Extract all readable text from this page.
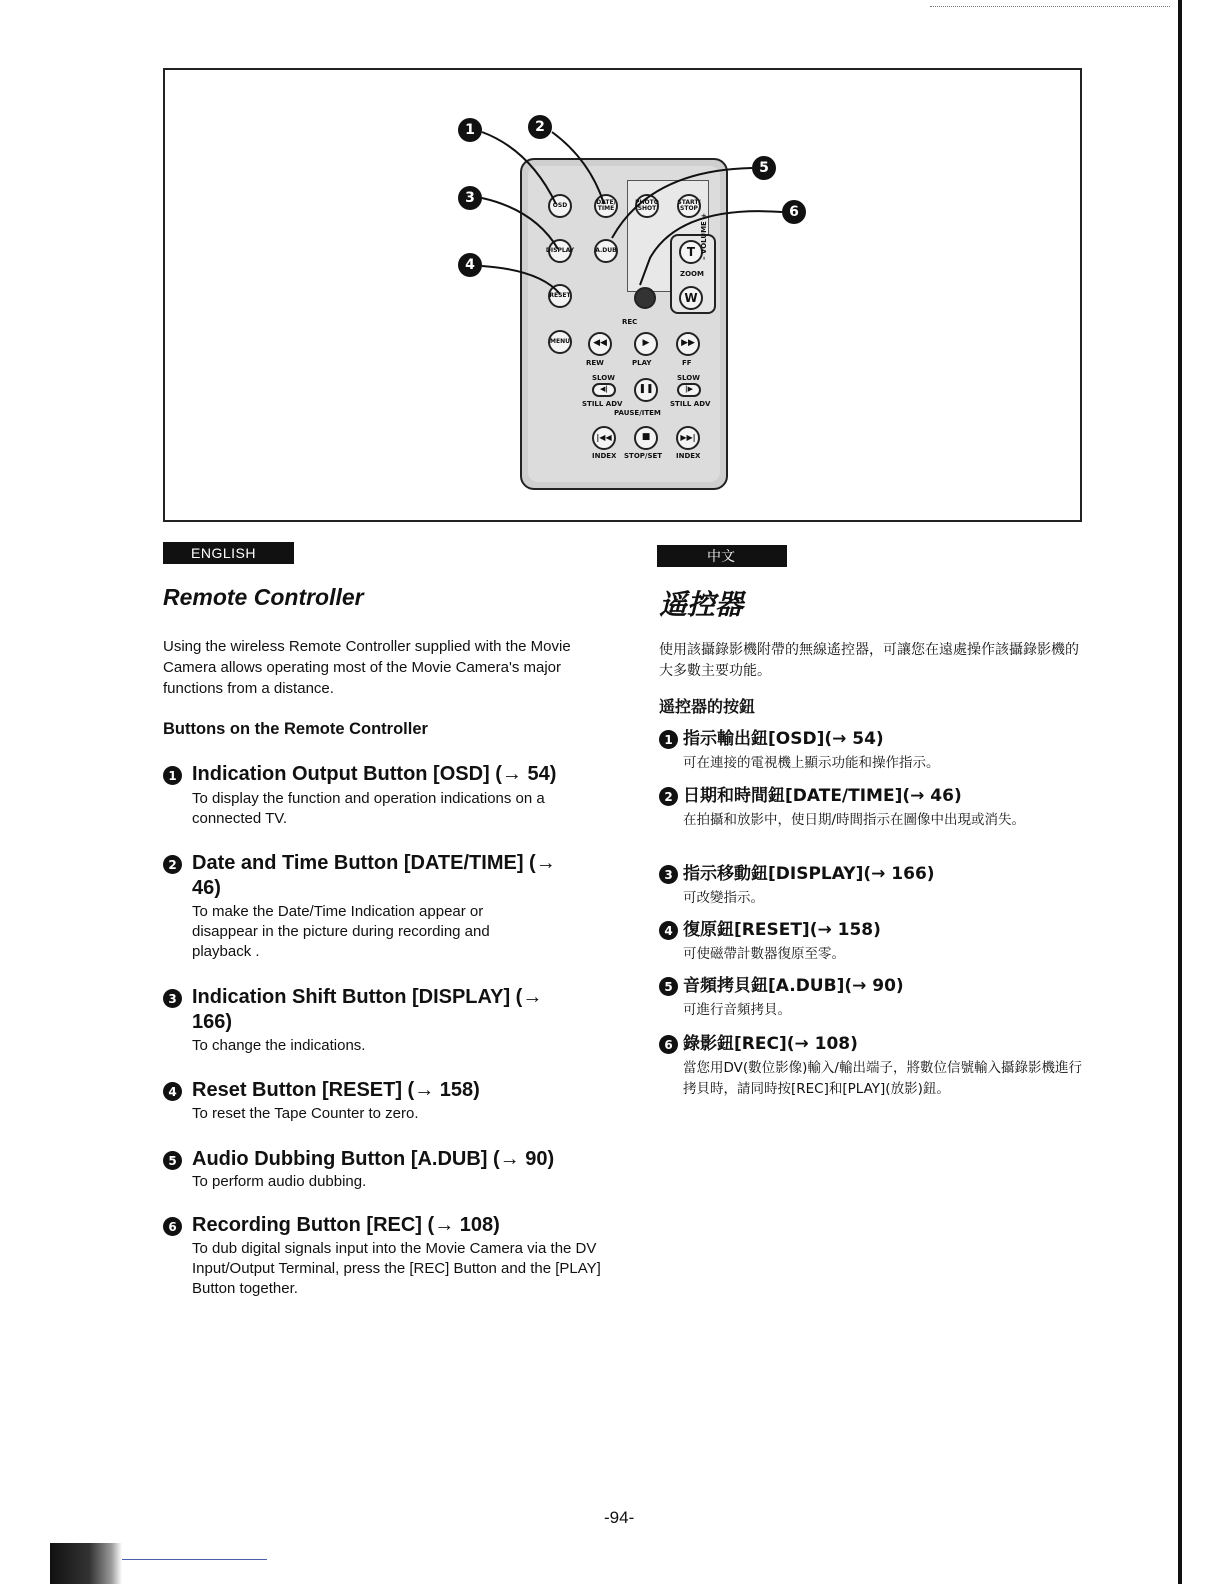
OSD	DATE/
TIME
PHOTO
SHOT
START/
STOP
DISPLAY	A.DUB
RESET
T
W
ZOOM
– VOLUME +
REC
MENU	◀◀	▶	▶▶
REW	PLAY	FF
SLOW	SLOW
◀|	❚❚	|▶
STILL ADV	STILL ADV
PAUSE/ITEM
|◀◀	■	▶▶|
INDEX STOP/SET INDEX
1	2
3
4
5
6
ENGLISH
Remote Controller

Using the wireless Remote Controller supplied with the Movie Camera allows operating most of the Movie Camera's major functions from a distance.

Buttons on the Remote Controller
1 Indication Output Button [OSD] (→ 54)

To display the function and operation indications on a connected TV.

2 Date and Time Button [DATE/TIME] (→ 46)

To make the Date/Time Indication appear or disappear in the picture during recording and playback .

3 Indication Shift Button [DISPLAY] (→ 166)

To change the indications.

4 Reset Button [RESET] (→ 158)

To reset the Tape Counter to zero.

5 Audio Dubbing Button [A.DUB] (→ 90)

To perform audio dubbing.

6 Recording Button [REC] (→ 108)

To dub digital signals input into the Movie Camera via the DV Input/Output Terminal, press the [REC] Button and the [PLAY] Button together.

中文
遥控器

使用該攝錄影機附帶的無線遙控器，可讓您在遠處操作該攝錄影機的大多數主要功能。

遥控器的按鈕
1 指示輸出鈕[OSD](→ 54)

可在連接的電視機上顯示功能和操作指示。

2 日期和時間鈕[DATE/TIME](→ 46)

在拍攝和放影中，使日期/時間指示在圖像中出現或消失。

3 指示移動鈕[DISPLAY](→ 166)

可改變指示。

4 復原鈕[RESET](→ 158)

可使磁帶計數器復原至零。

5 音頻拷貝鈕[A.DUB](→ 90)

可進行音頻拷貝。

6 錄影鈕[REC](→ 108)

當您用DV(數位影像)輸入/輸出端子，將數位信號輸入攝錄影機進行拷貝時，請同時按[REC]和[PLAY](放影)鈕。

-94-
